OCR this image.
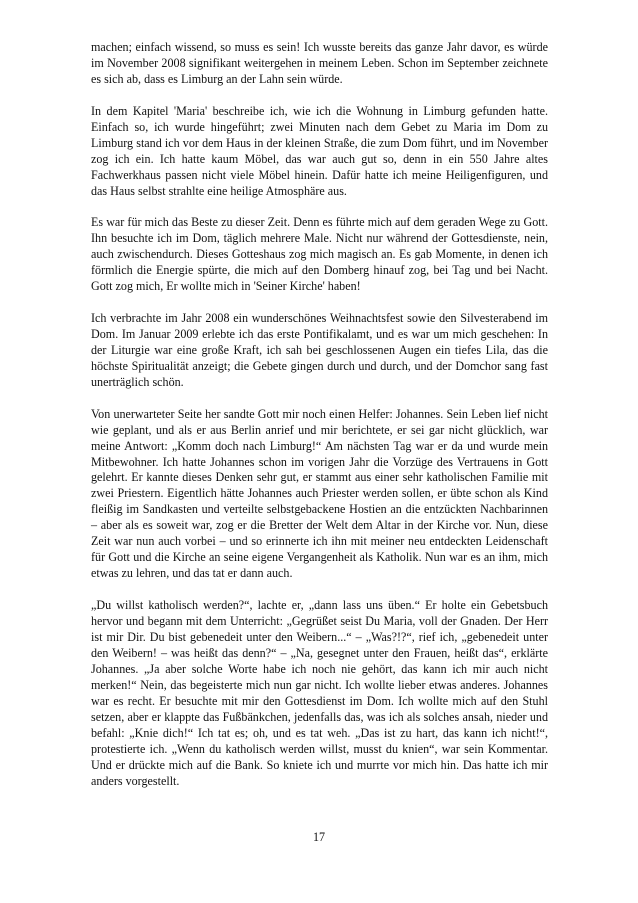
machen; einfach wissend, so muss es sein! Ich wusste bereits das ganze Jahr davor, es würde im November 2008 signifikant weitergehen in meinem Leben. Schon im September zeichnete es sich ab, dass es Limburg an der Lahn sein würde.

In dem Kapitel 'Maria' beschreibe ich, wie ich die Wohnung in Limburg gefunden hatte. Einfach so, ich wurde hingeführt; zwei Minuten nach dem Gebet zu Maria im Dom zu Limburg stand ich vor dem Haus in der kleinen Straße, die zum Dom führt, und im November zog ich ein. Ich hatte kaum Möbel, das war auch gut so, denn in ein 550 Jahre altes Fachwerkhaus passen nicht viele Möbel hinein. Dafür hatte ich meine Heiligenfiguren, und das Haus selbst strahlte eine heilige Atmosphäre aus.

Es war für mich das Beste zu dieser Zeit. Denn es führte mich auf dem geraden Wege zu Gott. Ihn besuchte ich im Dom, täglich mehrere Male. Nicht nur während der Gottesdienste, nein, auch zwischendurch. Dieses Gotteshaus zog mich magisch an. Es gab Momente, in denen ich förmlich die Energie spürte, die mich auf den Domberg hinauf zog, bei Tag und bei Nacht. Gott zog mich, Er wollte mich in 'Seiner Kirche' haben!

Ich verbrachte im Jahr 2008 ein wunderschönes Weihnachtsfest sowie den Silvesterabend im Dom. Im Januar 2009 erlebte ich das erste Pontifikalamt, und es war um mich geschehen: In der Liturgie war eine große Kraft, ich sah bei geschlossenen Augen ein tiefes Lila, das die höchste Spiritualität anzeigt; die Gebete gingen durch und durch, und der Domchor sang fast unerträglich schön.

Von unerwarteter Seite her sandte Gott mir noch einen Helfer: Johannes. Sein Leben lief nicht wie geplant, und als er aus Berlin anrief und mir berichtete, er sei gar nicht glücklich, war meine Antwort: „Komm doch nach Limburg!“ Am nächsten Tag war er da und wurde mein Mitbewohner. Ich hatte Johannes schon im vorigen Jahr die Vorzüge des Vertrauens in Gott gelehrt. Er kannte dieses Denken sehr gut, er stammt aus einer sehr katholischen Familie mit zwei Priestern. Eigentlich hätte Johannes auch Priester werden sollen, er übte schon als Kind fleißig im Sandkasten und verteilte selbstgebackene Hostien an die entzückten Nachbarinnen – aber als es soweit war, zog er die Bretter der Welt dem Altar in der Kirche vor. Nun, diese Zeit war nun auch vorbei – und so erinnerte ich ihn mit meiner neu entdeckten Leidenschaft für Gott und die Kirche an seine eigene Vergangenheit als Katholik. Nun war es an ihm, mich etwas zu lehren, und das tat er dann auch.

„Du willst katholisch werden?“, lachte er, „dann lass uns üben.“ Er holte ein Gebetsbuch hervor und begann mit dem Unterricht: „Gegrüßet seist Du Maria, voll der Gnaden. Der Herr ist mir Dir. Du bist gebenedeit unter den Weibern...“ – „Was?!?“, rief ich, „gebenedeit unter den Weibern! – was heißt das denn?“ – „Na, gesegnet unter den Frauen, heißt das“, erklärte Johannes. „Ja aber solche Worte habe ich noch nie gehört, das kann ich mir auch nicht merken!“ Nein, das begeisterte mich nun gar nicht. Ich wollte lieber etwas anderes. Johannes war es recht. Er besuchte mit mir den Gottesdienst im Dom. Ich wollte mich auf den Stuhl setzen, aber er klappte das Fußbänkchen, jedenfalls das, was ich als solches ansah, nieder und befahl: „Knie dich!“ Ich tat es; oh, und es tat weh. „Das ist zu hart, das kann ich nicht!“, protestierte ich. „Wenn du katholisch werden willst, musst du knien“, war sein Kommentar. Und er drückte mich auf die Bank. So kniete ich und murrte vor mich hin. Das hatte ich mir anders vorgestellt.

17
